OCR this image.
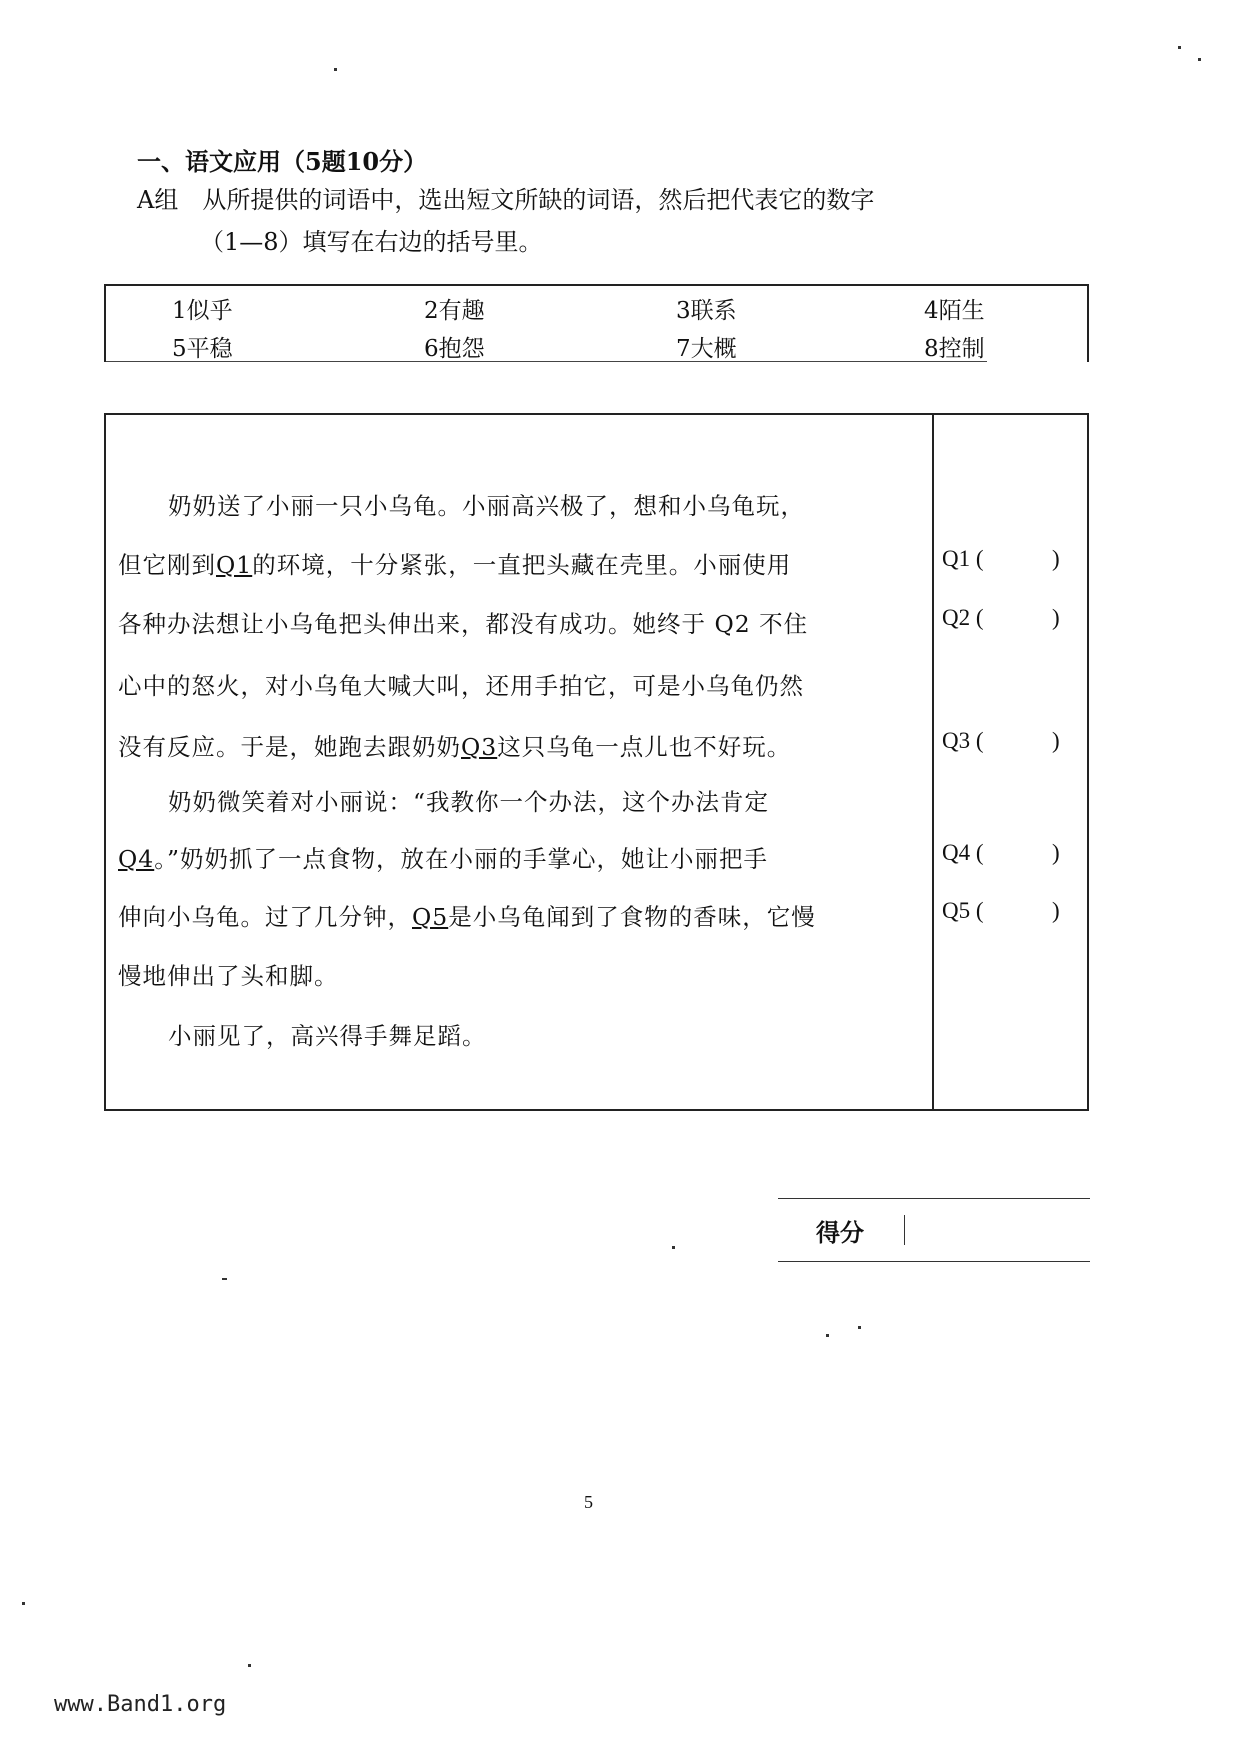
一、语文应用（5题10分）
A组　从所提供的词语中，选出短文所缺的词语，然后把代表它的数字
（1—8）填写在右边的括号里。
1似乎	2有趣	3联系	4陌生
5平稳	6抱怨	7大概	8控制
奶奶送了小丽一只小乌龟。小丽高兴极了，想和小乌龟玩，
但它刚到Q1的环境，十分紧张，一直把头藏在壳里。小丽使用
各种办法想让小乌龟把头伸出来，都没有成功。她终于 Q2 不住
心中的怒火，对小乌龟大喊大叫，还用手拍它，可是小乌龟仍然
没有反应。于是，她跑去跟奶奶Q3这只乌龟一点儿也不好玩。
奶奶微笑着对小丽说：“我教你一个办法，这个办法肯定
Q4。”奶奶抓了一点食物，放在小丽的手掌心，她让小丽把手
伸向小乌龟。过了几分钟，Q5是小乌龟闻到了食物的香味，它慢
慢地伸出了头和脚。
小丽见了，高兴得手舞足蹈。
Q1 (	)
Q2 (	)
Q3 (	)
Q4 (	)
Q5 (	)
得分
5
www.Band1.org
